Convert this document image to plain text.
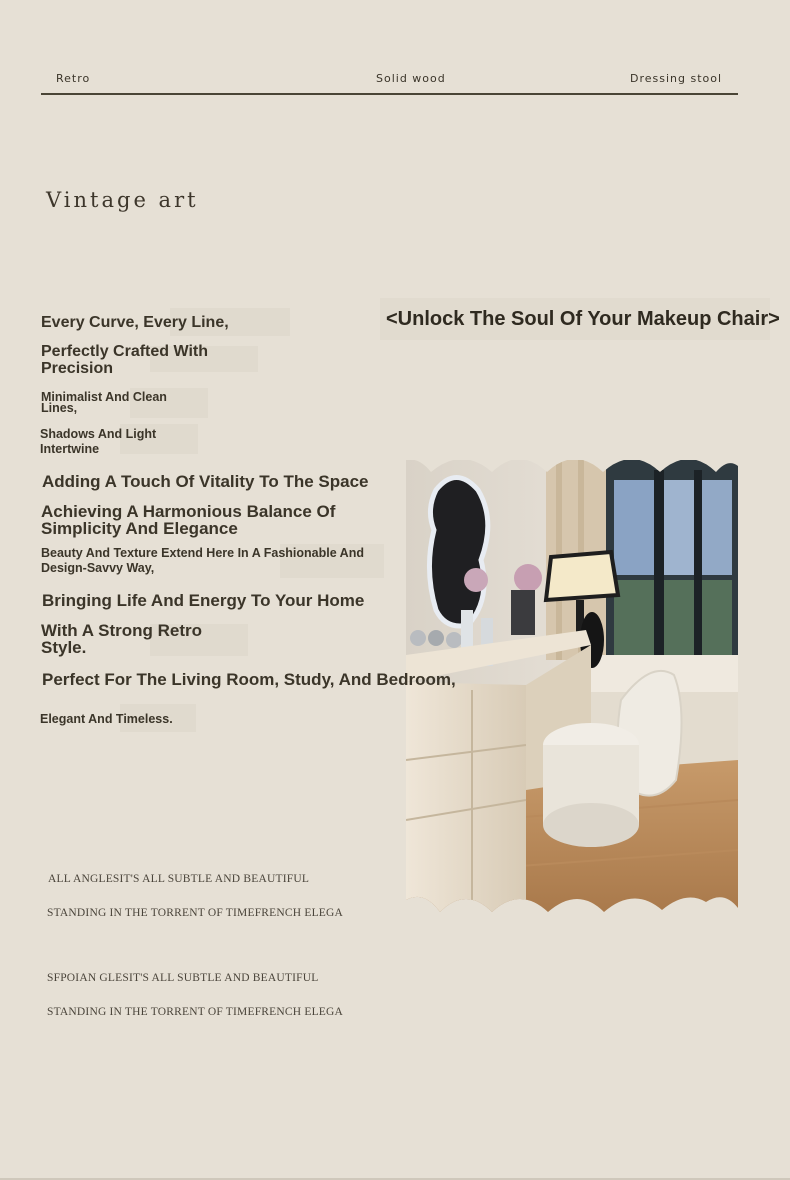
Retro	Solid wood	Dressing stool
Vintage art
<Unlock The Soul Of Your Makeup Chair>
Every Curve, Every Line,
Perfectly Crafted With
Precision
Minimalist And Clean
Lines,
Shadows And Light
Intertwine
Adding A Touch Of Vitality To The Space
Achieving A Harmonious Balance Of
Simplicity And Elegance
Beauty And Texture Extend Here In A Fashionable And
Design-Savvy Way,
Bringing Life And Energy To Your Home
With A Strong Retro
Style.
Perfect For The Living Room, Study, And Bedroom,
Elegant And Timeless.
ALL ANGLESIT'S ALL SUBTLE AND BEAUTIFUL
STANDING IN THE TORRENT OF TIMEFRENCH ELEGA
SFPOIAN GLESIT'S ALL SUBTLE AND BEAUTIFUL
STANDING IN THE TORRENT OF TIMEFRENCH ELEGA
